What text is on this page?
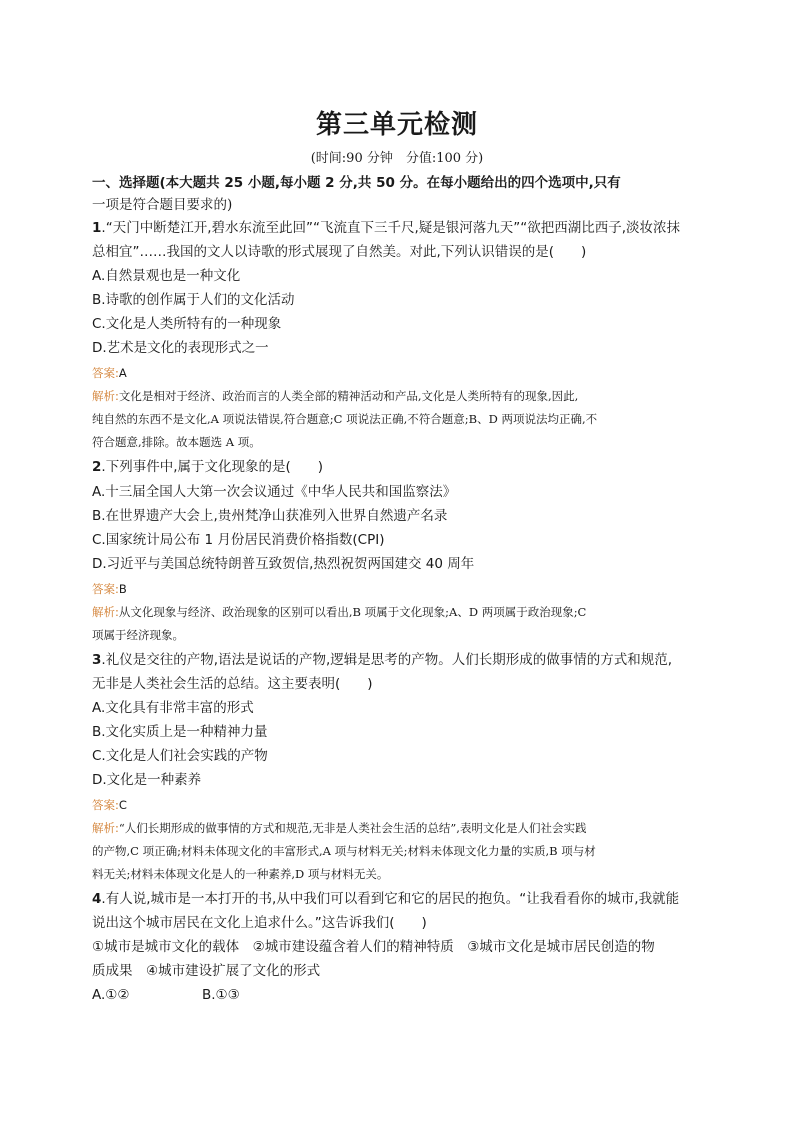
第三单元检测
(时间:90 分钟　分值:100 分)
一、选择题(本大题共 25 小题,每小题 2 分,共 50 分。在每小题给出的四个选项中,只有
一项是符合题目要求的)
1.“天门中断楚江开,碧水东流至此回”“飞流直下三千尺,疑是银河落九天”“欲把西湖比西子,淡妆浓抹
总相宜”……我国的文人以诗歌的形式展现了自然美。对此,下列认识错误的是(　　)
A.自然景观也是一种文化
B.诗歌的创作属于人们的文化活动
C.文化是人类所特有的一种现象
D.艺术是文化的表现形式之一
答案:A
解析:文化是相对于经济、政治而言的人类全部的精神活动和产品,文化是人类所特有的现象,因此,
纯自然的东西不是文化,A 项说法错误,符合题意;C 项说法正确,不符合题意;B、D 两项说法均正确,不
符合题意,排除。故本题选 A 项。
2.下列事件中,属于文化现象的是(　　)
A.十三届全国人大第一次会议通过《中华人民共和国监察法》
B.在世界遗产大会上,贵州梵净山获准列入世界自然遗产名录
C.国家统计局公布 1 月份居民消费价格指数(CPI)
D.习近平与美国总统特朗普互致贺信,热烈祝贺两国建交 40 周年
答案:B
解析:从文化现象与经济、政治现象的区别可以看出,B 项属于文化现象;A、D 两项属于政治现象;C
项属于经济现象。
3.礼仪是交往的产物,语法是说话的产物,逻辑是思考的产物。人们长期形成的做事情的方式和规范,
无非是人类社会生活的总结。这主要表明(　　)
A.文化具有非常丰富的形式
B.文化实质上是一种精神力量
C.文化是人们社会实践的产物
D.文化是一种素养
答案:C
解析:“人们长期形成的做事情的方式和规范,无非是人类社会生活的总结”,表明文化是人们社会实践
的产物,C 项正确;材料未体现文化的丰富形式,A 项与材料无关;材料未体现文化力量的实质,B 项与材
料无关;材料未体现文化是人的一种素养,D 项与材料无关。
4.有人说,城市是一本打开的书,从中我们可以看到它和它的居民的抱负。“让我看看你的城市,我就能
说出这个城市居民在文化上追求什么。”这告诉我们(　　)
①城市是城市文化的载体　②城市建设蕴含着人们的精神特质　③城市文化是城市居民创造的物
质成果　④城市建设扩展了文化的形式
A.①②	B.①③
